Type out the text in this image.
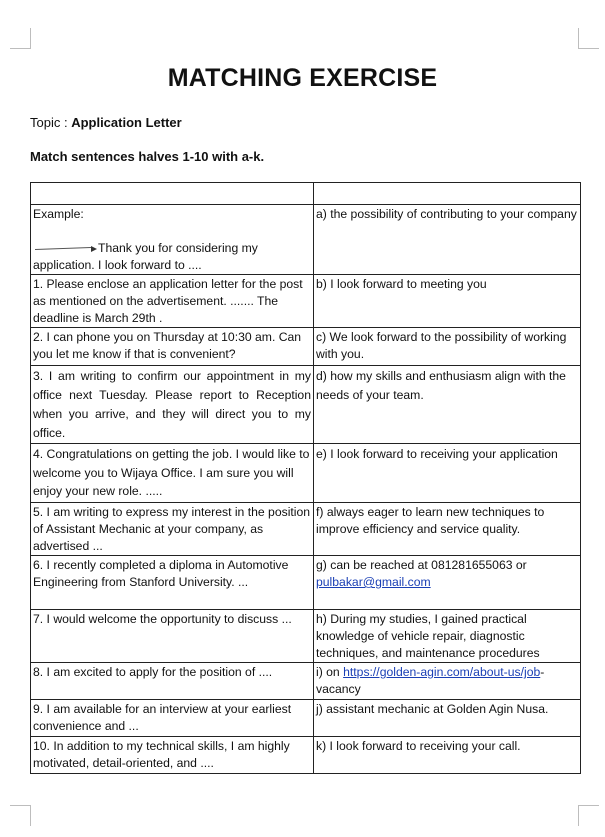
MATCHING EXERCISE
Topic : Application Letter
Match sentences halves 1-10 with a-k.

Example:
Thank you for considering my
application. I look forward to ....	a) the possibility of contributing to your company
1. Please enclose an application letter for the post as mentioned on the advertisement. ....... The deadline is March 29th .	b) I look forward to meeting you
2. I can phone you on Thursday at 10:30 am. Can you let me know if that is convenient?	c) We look forward to the possibility of working with you.
3. I am writing to confirm our appointment in my office next Tuesday. Please report to Reception when you arrive, and they will direct you to my office.	d) how my skills and enthusiasm align with the needs of your team.
4. Congratulations on getting the job. I would like to welcome you to Wijaya Office. I am sure you will enjoy your new role. .....	e) I look forward to receiving your application
5. I am writing to express my interest in the position of Assistant Mechanic at your company, as advertised ...	f) always eager to learn new techniques to improve efficiency and service quality.
6. I recently completed a diploma in Automotive Engineering from Stanford University. ...	g) can be reached at 081281655063 or pulbakar@gmail.com
7. I would welcome the opportunity to discuss ...	h) During my studies, I gained practical knowledge of vehicle repair, diagnostic techniques, and maintenance procedures
8. I am excited to apply for the position of ....	i) on https://golden-agin.com/about-us/job-vacancy
9. I am available for an interview at your earliest convenience and ...	j) assistant mechanic at Golden Agin Nusa.
10. In addition to my technical skills, I am highly motivated, detail-oriented, and ....	k) I look forward to receiving your call.
